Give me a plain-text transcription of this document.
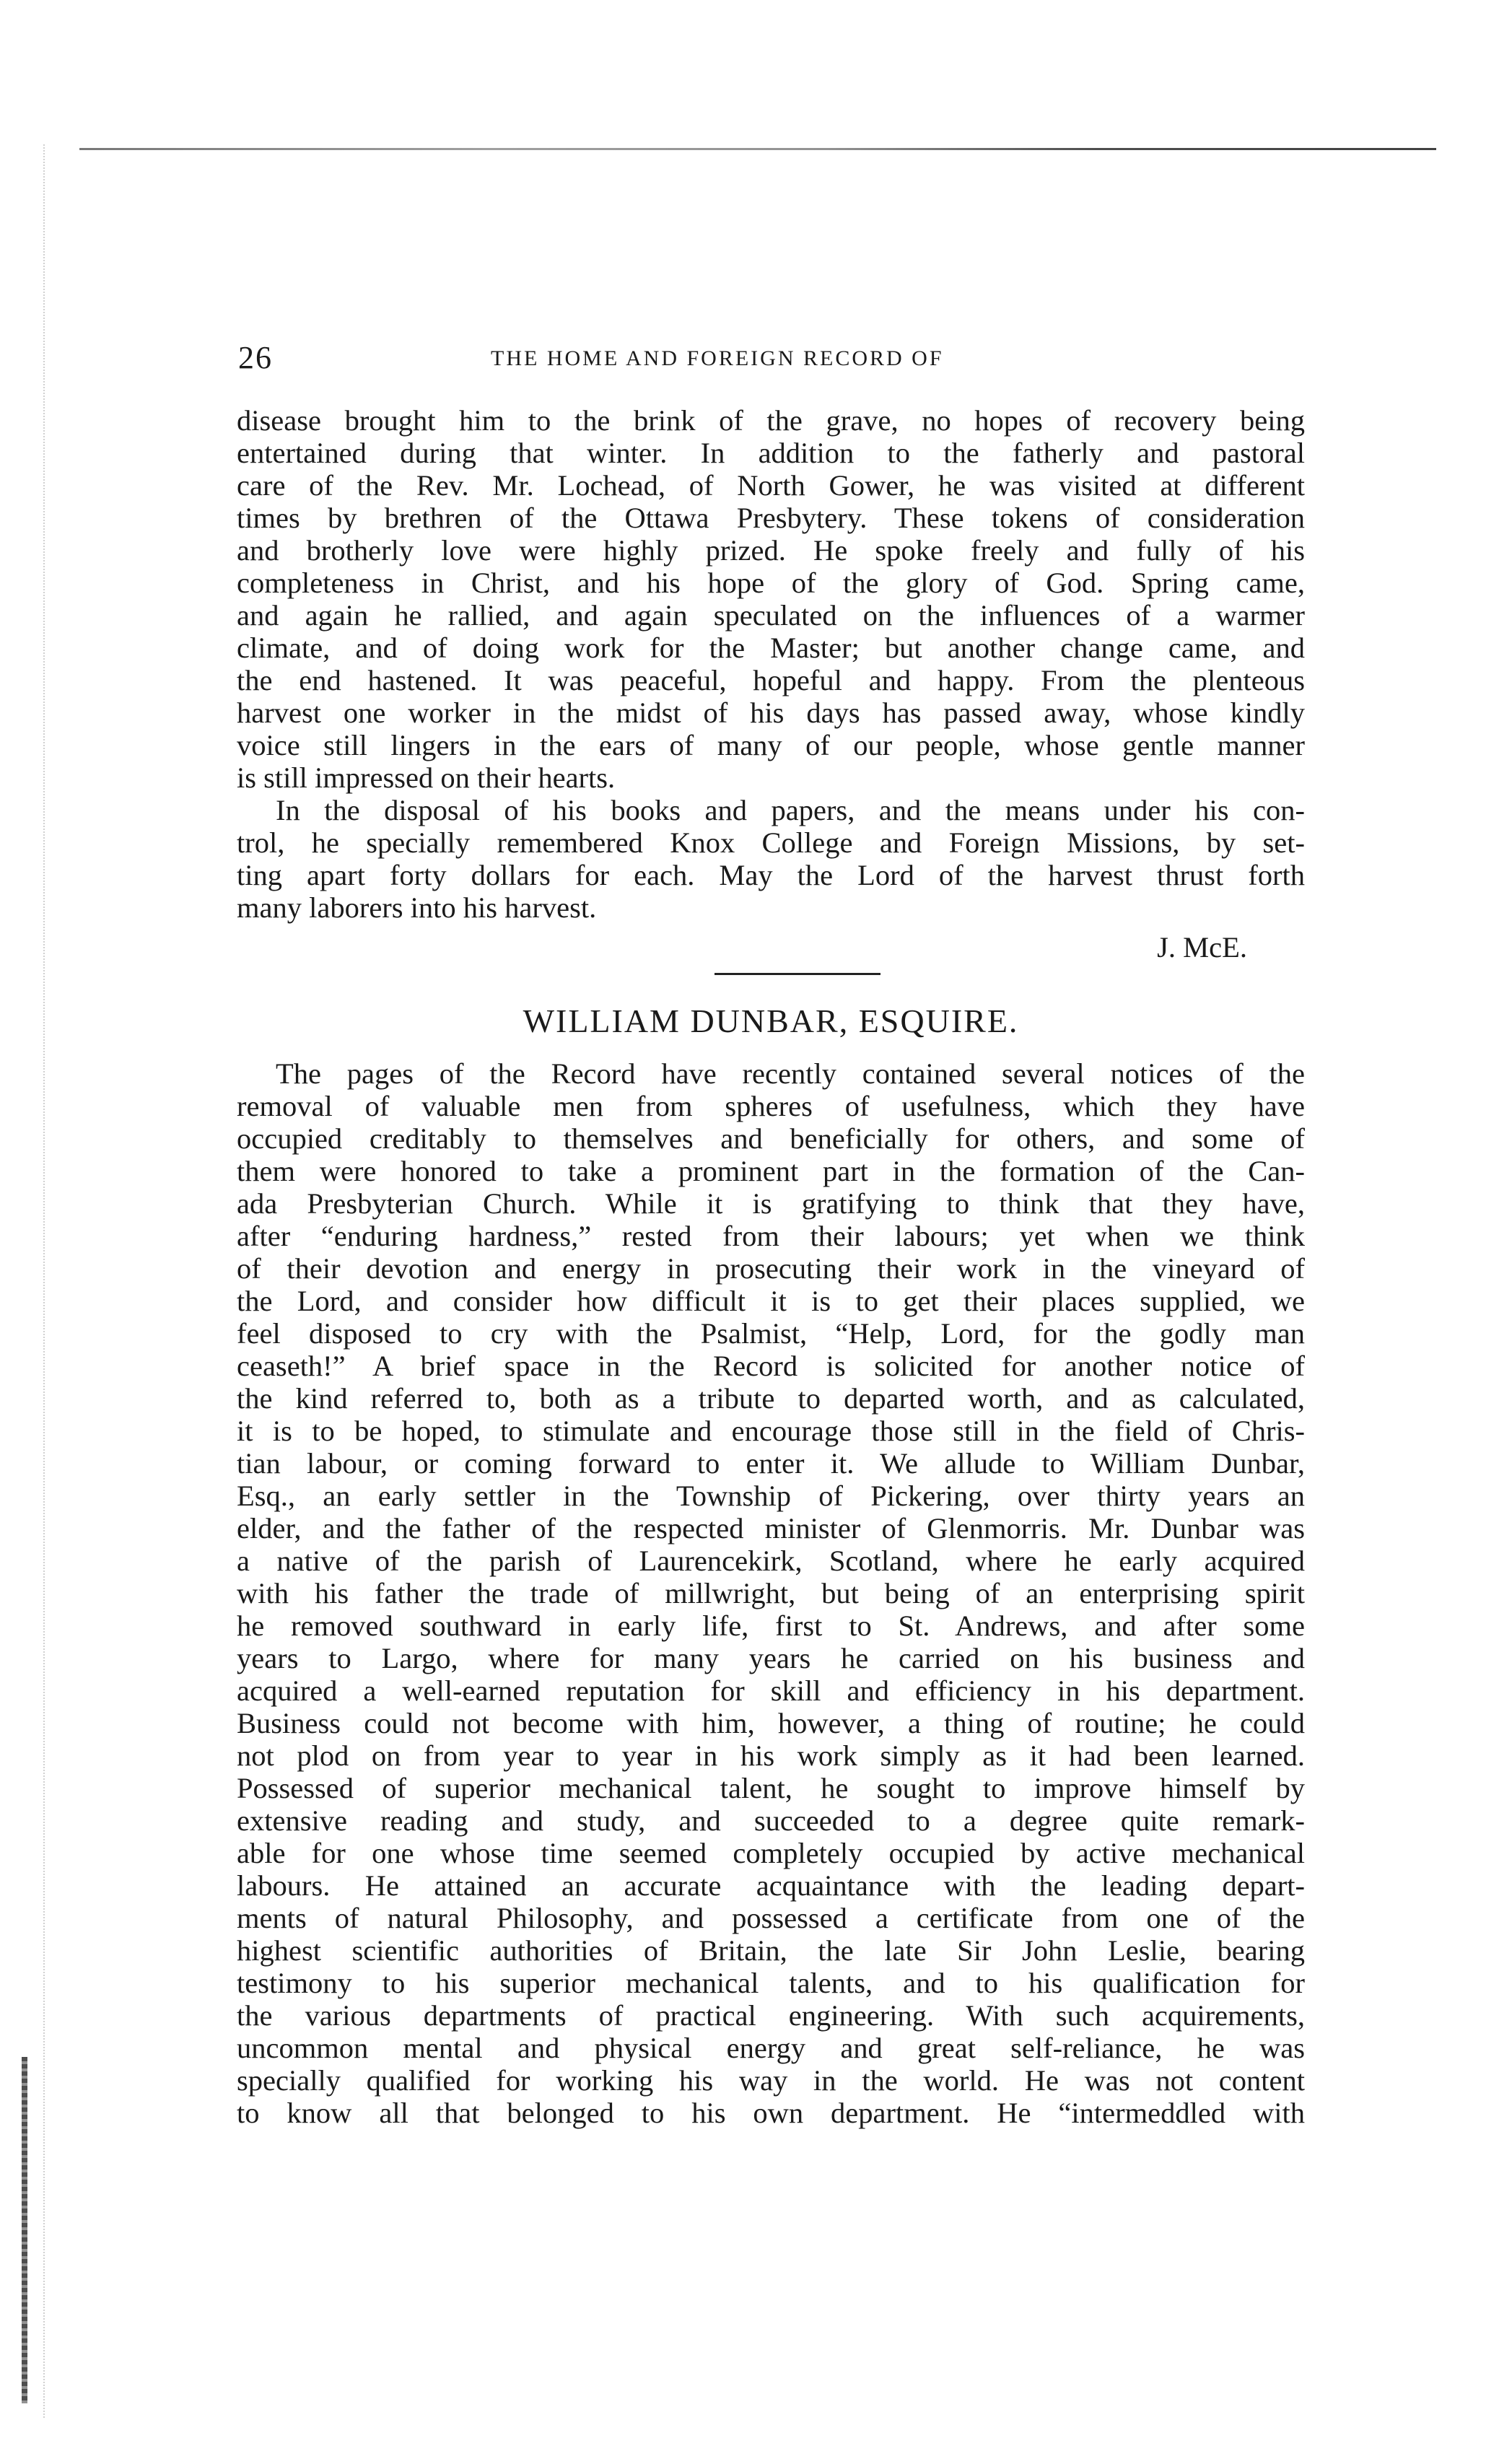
26	THE HOME AND FOREIGN RECORD OF
disease brought him to the brink of the grave, no hopes of recovery being
entertained during that winter. In addition to the fatherly and pastoral
care of the Rev. Mr. Lochead, of North Gower, he was visited at different
times by brethren of the Ottawa Presbytery. These tokens of consideration
and brotherly love were highly prized. He spoke freely and fully of his
completeness in Christ, and his hope of the glory of God. Spring came,
and again he rallied, and again speculated on the influences of a warmer
climate, and of doing work for the Master; but another change came, and
the end hastened. It was peaceful, hopeful and happy. From the plenteous
harvest one worker in the midst of his days has passed away, whose kindly
voice still lingers in the ears of many of our people, whose gentle manner
is still impressed on their hearts.
In the disposal of his books and papers, and the means under his con-
trol, he specially remembered Knox College and Foreign Missions, by set-
ting apart forty dollars for each. May the Lord of the harvest thrust forth
many laborers into his harvest.
J. McE.
WILLIAM DUNBAR, ESQUIRE.
The pages of the Record have recently contained several notices of the
removal of valuable men from spheres of usefulness, which they have
occupied creditably to themselves and beneficially for others, and some of
them were honored to take a prominent part in the formation of the Can-
ada Presbyterian Church. While it is gratifying to think that they have,
after “enduring hardness,” rested from their labours; yet when we think
of their devotion and energy in prosecuting their work in the vineyard of
the Lord, and consider how difficult it is to get their places supplied, we
feel disposed to cry with the Psalmist, “Help, Lord, for the godly man
ceaseth!” A brief space in the Record is solicited for another notice of
the kind referred to, both as a tribute to departed worth, and as calculated,
it is to be hoped, to stimulate and encourage those still in the field of Chris-
tian labour, or coming forward to enter it. We allude to William Dunbar,
Esq., an early settler in the Township of Pickering, over thirty years an
elder, and the father of the respected minister of Glenmorris. Mr. Dunbar was
a native of the parish of Laurencekirk, Scotland, where he early acquired
with his father the trade of millwright, but being of an enterprising spirit
he removed southward in early life, first to St. Andrews, and after some
years to Largo, where for many years he carried on his business and
acquired a well-earned reputation for skill and efficiency in his department.
Business could not become with him, however, a thing of routine; he could
not plod on from year to year in his work simply as it had been learned.
Possessed of superior mechanical talent, he sought to improve himself by
extensive reading and study, and succeeded to a degree quite remark-
able for one whose time seemed completely occupied by active mechanical
labours. He attained an accurate acquaintance with the leading depart-
ments of natural Philosophy, and possessed a certificate from one of the
highest scientific authorities of Britain, the late Sir John Leslie, bearing
testimony to his superior mechanical talents, and to his qualification for
the various departments of practical engineering. With such acquirements,
uncommon mental and physical energy and great self-reliance, he was
specially qualified for working his way in the world. He was not content
to know all that belonged to his own department. He “intermeddled with
